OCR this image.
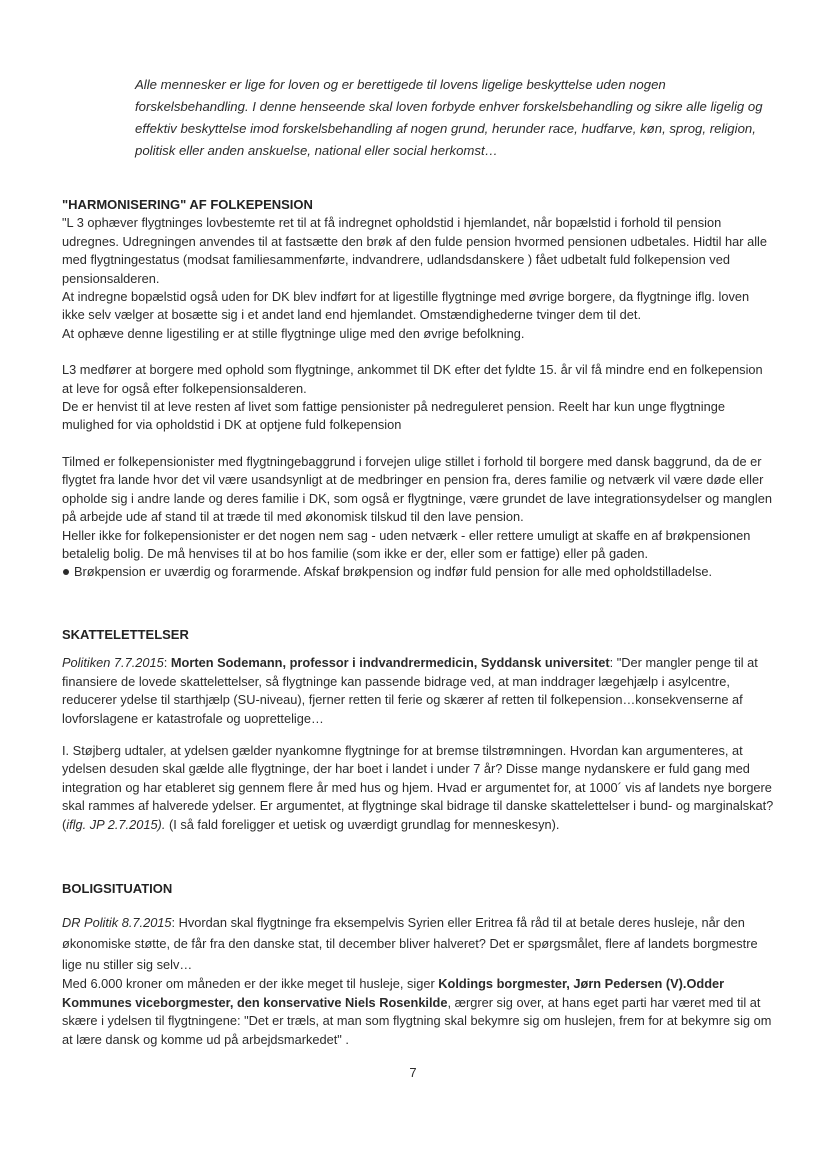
Alle mennesker er lige for loven og er berettigede til lovens ligelige beskyttelse uden nogen forskelsbehandling. I denne henseende skal loven forbyde enhver forskelsbehandling og sikre alle ligelig og effektiv beskyttelse imod forskelsbehandling af nogen grund, herunder race, hudfarve, køn, sprog, religion, politisk eller anden anskuelse, national eller social herkomst…

"HARMONISERING" AF FOLKEPENSION

"L 3 ophæver flygtninges lovbestemte ret til at få indregnet opholdstid i hjemlandet, når bopælstid i forhold til pension udregnes. Udregningen anvendes til at fastsætte den brøk af den fulde pension hvormed pensionen udbetales. Hidtil har alle med flygtningestatus (modsat familiesammenførte, indvandrere, udlandsdanskere ) fået udbetalt fuld folkepension ved pensionsalderen.

At indregne bopælstid også uden for DK blev indført for at ligestille flygtninge med øvrige borgere, da flygtninge iflg. loven ikke selv vælger at bosætte sig i et andet land end hjemlandet. Omstændighederne tvinger dem til det.

At ophæve denne ligestiling er at stille flygtninge ulige med den øvrige befolkning.

L3 medfører at borgere med ophold som flygtninge, ankommet til DK efter det fyldte 15. år vil få mindre end en folkepension at leve for også efter folkepensionsalderen.

De er henvist til at leve resten af livet som fattige pensionister på nedreguleret pension. Reelt har kun unge flygtninge mulighed for via opholdstid i DK at optjene fuld folkepension

Tilmed er folkepensionister med flygtningebaggrund i forvejen ulige stillet i forhold til borgere med dansk baggrund, da de er flygtet fra lande hvor det vil være usandsynligt at de medbringer en pension fra, deres familie og netværk vil være døde eller opholde sig i andre lande og deres familie i DK, som også er flygtninge, være grundet de lave integrationsydelser og manglen på arbejde ude af stand til at træde til med økonomisk tilskud til den lave pension.

Heller ikke for folkepensionister er det nogen nem sag - uden netværk - eller rettere umuligt at skaffe en af brøkpensionen betalelig bolig. De må henvises til at bo hos familie (som ikke er der, eller som er fattige) eller på gaden.

Brøkpension er uværdig og forarmende. Afskaf brøkpension og indfør fuld pension for alle med opholdstilladelse.

SKATTELETTELSER

Politiken 7.7.2015: Morten Sodemann, professor i indvandrermedicin, Syddansk universitet: "Der mangler penge til at finansiere de lovede skattelettelser, så flygtninge kan passende bidrage ved, at man inddrager lægehjælp i asylcentre, reducerer ydelse til starthjælp (SU-niveau), fjerner retten til ferie og skærer af retten til folkepension…konsekvenserne af lovforslagene er katastrofale og uoprettelige…

I. Støjberg udtaler, at ydelsen gælder nyankomne flygtninge for at bremse tilstrømningen. Hvordan kan argumenteres, at ydelsen desuden skal gælde alle flygtninge, der har boet i landet i under 7 år? Disse mange nydanskere er fuld gang med integration og har etableret sig gennem flere år med hus og hjem. Hvad er argumentet for, at 1000´ vis af landets nye borgere skal rammes af halverede ydelser. Er argumentet, at flygtninge skal bidrage til danske skattelettelser i bund- og marginalskat? (iflg. JP 2.7.2015). (I så fald foreligger et uetisk og uværdigt grundlag for menneskesyn).

BOLIGSITUATION

DR Politik 8.7.2015: Hvordan skal flygtninge fra eksempelvis Syrien eller Eritrea få råd til at betale deres husleje, når den økonomiske støtte, de får fra den danske stat, til december bliver halveret? Det er spørgsmålet, flere af landets borgmestre lige nu stiller sig selv…

Med 6.000 kroner om måneden er der ikke meget til husleje, siger Koldings borgmester, Jørn Pedersen (V).Odder Kommunes viceborgmester, den konservative Niels Rosenkilde, ærgrer sig over, at hans eget parti har været med til at skære i ydelsen til flygtningene: "Det er træls, at man som flygtning skal bekymre sig om huslejen, frem for at bekymre sig om at lære dansk og komme ud på arbejdsmarkedet" .

7
